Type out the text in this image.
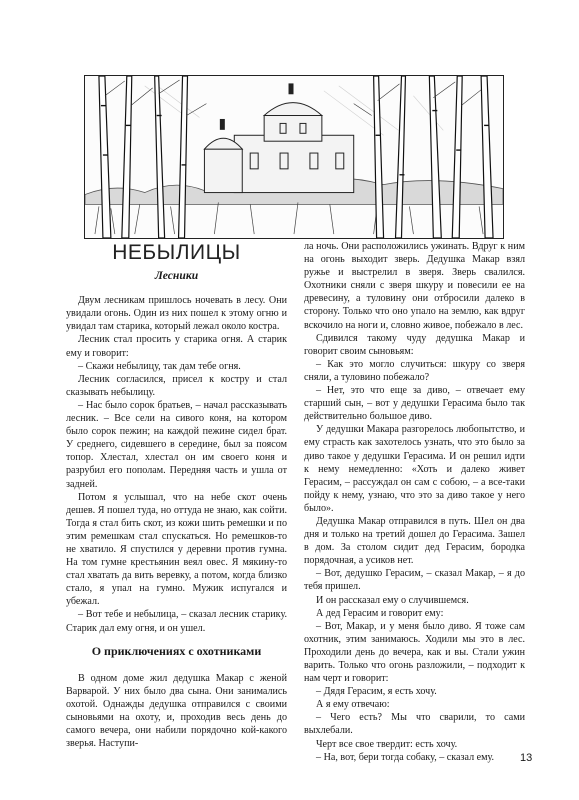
НЕБЫЛИЦЫ
Лесники

Двум лесникам пришлось ночевать в лесу. Они увидали огонь. Один из них пошел к этому огню и увидал там старика, который лежал около костра.

Лесник стал просить у старика огня. А старик ему и говорит:

– Скажи небылицу, так дам тебе огня.

Лесник согласился, присел к костру и стал сказывать небылицу.

– Нас было сорок братьев, – начал рассказывать лесник. – Все сели на сивого коня, на котором было сорок пежин; на каждой пежине сидел брат. У среднего, сидевшего в середине, был за поясом топор. Хлестал, хлестал он им своего коня и разрубил его пополам. Передняя часть и ушла от задней.

Потом я услышал, что на небе скот очень дешев. Я пошел туда, но оттуда не знаю, как сойти. Тогда я стал бить скот, из кожи шить ремешки и по этим ремешкам стал спускаться. Но ремешков-то не хватило. Я спустился у деревни против гумна. На том гумне крестьянин веял овес. Я мякину-то стал хватать да вить веревку, а потом, когда близко стало, я упал на гумно. Мужик испугался и убежал.

– Вот тебе и небылица, – сказал лесник старику. Старик дал ему огня, и он ушел.

О приключениях с охотниками

В одном доме жил дедушка Макар с женой Варварой. У них было два сына. Они занимались охотой. Однажды дедушка отправился с своими сыновьями на охоту, и, проходив весь день до самого вечера, они набили порядочно кой-какого зверья. Наступи-

ла ночь. Они расположились ужинать. Вдруг к ним на огонь выходит зверь. Дедушка Макар взял ружье и выстрелил в зверя. Зверь свалился. Охотники сняли с зверя шкуру и повесили ее на древесину, а туловину они отбросили далеко в сторону. Только что оно упало на землю, как вдруг вскочило на ноги и, словно живое, побежало в лес.

Сдивился такому чуду дедушка Макар и говорит своим сыновьям:

– Как это могло случиться: шкуру со зверя сняли, а туловино побежало?

– Нет, это что еще за диво, – отвечает ему старший сын, – вот у дедушки Герасима было так действительно большое диво.

У дедушки Макара разгорелось любопытство, и ему страсть как захотелось узнать, что это было за диво такое у дедушки Герасима. И он решил идти к нему немедленно: «Хоть и далеко живет Герасим, – рассуждал он сам с собою, – а все-таки пойду к нему, узнаю, что это за диво такое у него было».

Дедушка Макар отправился в путь. Шел он два дня и только на третий дошел до Герасима. Зашел в дом. За столом сидит дед Герасим, бородка порядочная, а усиков нет.

– Вот, дедушко Герасим, – сказал Макар, – я до тебя пришел.

И он рассказал ему о случившемся.

А дед Герасим и говорит ему:

– Вот, Макар, и у меня было диво. Я тоже сам охотник, этим занимаюсь. Ходили мы это в лес. Проходили день до вечера, как и вы. Стали ужин варить. Только что огонь разложили, – подходит к нам черт и говорит:

– Дядя Герасим, я есть хочу.

А я ему отвечаю:

– Чего есть? Мы что сварили, то сами выхлебали.

Черт все свое твердит: есть хочу.

– На, вот, бери тогда собаку, – сказал ему.	13
